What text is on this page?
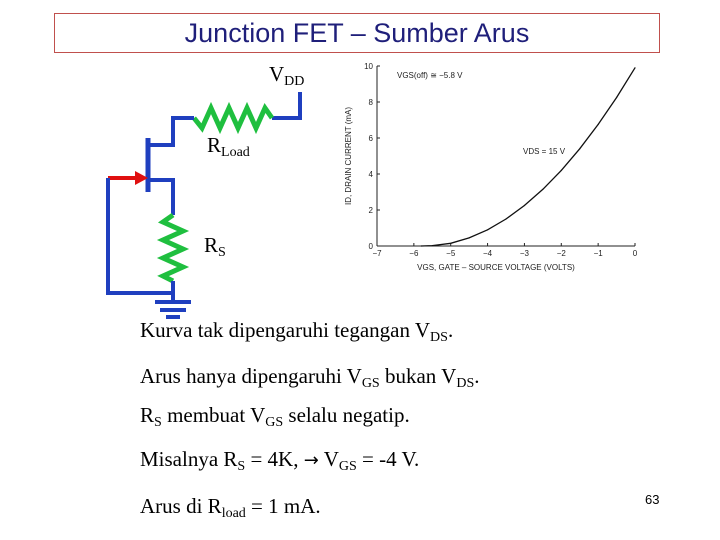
Junction FET – Sumber Arus
$V_{DD}$
$R_{Load}$
$R_S$	−7	−6	−5	−4	−3	−2	−1	0
0
2
4
6
8
10
ID, DRAIN CURRENT (mA)
VGS, GATE – SOURCE VOLTAGE (VOLTS)
VGS(off) ≅ −5.8 V
VDS = 15 V
Kurva tak dipengaruhi tegangan $V_{DS}$.
Arus hanya dipengaruhi $V_{GS}$ bukan $V_{DS}$.
$R_S$ membuat $V_{GS}$ selalu negatip.
Misalnya $R_S = 4K$, → $V_{GS} = -4$ V.
Arus di $R_{load} = 1$ mA.	63
